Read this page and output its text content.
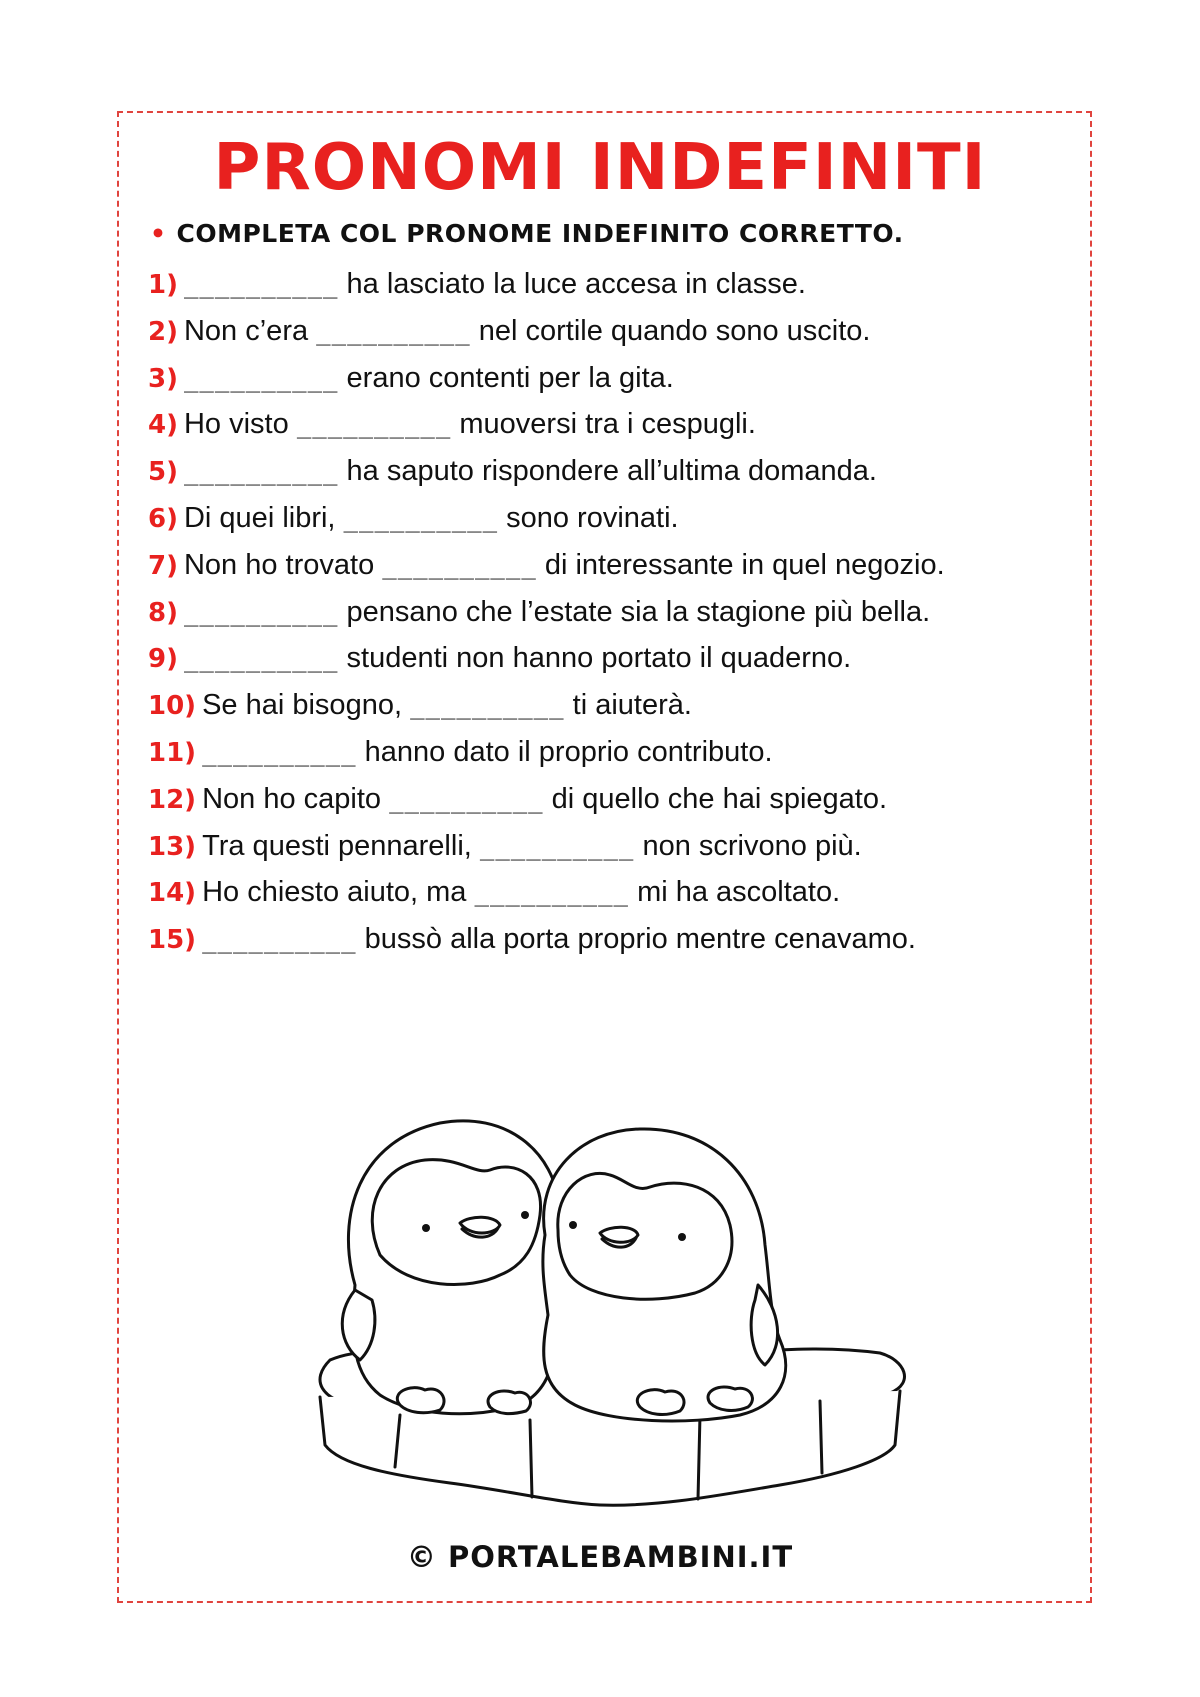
PRONOMI INDEFINITI

• COMPLETA COL PRONOME INDEFINITO CORRETTO.

1) __________ ha lasciato la luce accesa in classe.

2) Non c’era __________ nel cortile quando sono uscito.

3) __________ erano contenti per la gita.

4) Ho visto __________ muoversi tra i cespugli.

5) __________ ha saputo rispondere all’ultima domanda.

6) Di quei libri, __________ sono rovinati.

7) Non ho trovato __________ di interessante in quel negozio.

8) __________ pensano che l’estate sia la stagione più bella.

9) __________ studenti non hanno portato il quaderno.

10) Se hai bisogno, __________ ti aiuterà.

11) __________ hanno dato il proprio contributo.

12) Non ho capito __________ di quello che hai spiegato.

13) Tra questi pennarelli, __________ non scrivono più.

14) Ho chiesto aiuto, ma __________ mi ha ascoltato.

15) __________ bussò alla porta proprio mentre cenavamo.

© PORTALEBAMBINI.IT
